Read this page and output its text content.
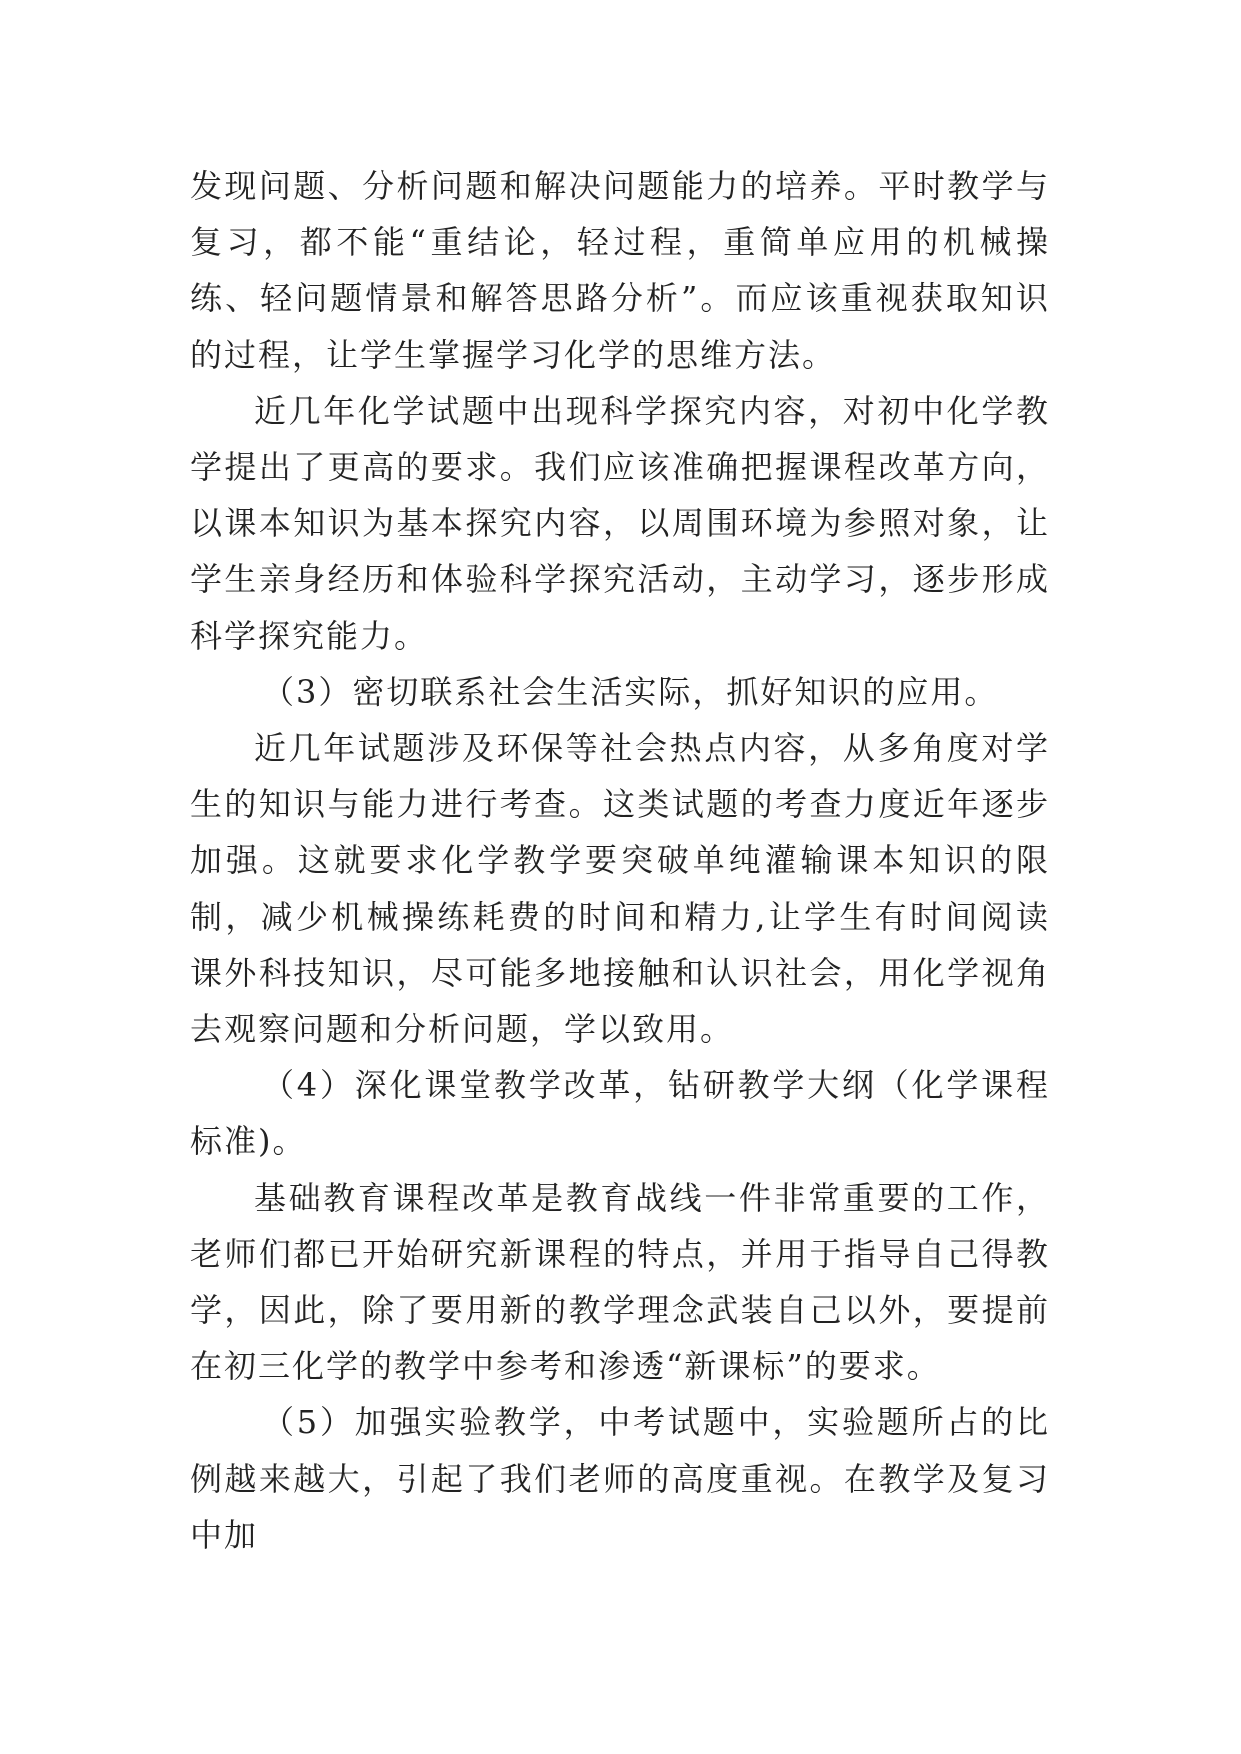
发现问题、分析问题和解决问题能力的培养。平时教学与复习，都不能“重结论，轻过程，重简单应用的机械操练、轻问题情景和解答思路分析”。而应该重视获取知识的过程，让学生掌握学习化学的思维方法。

近几年化学试题中出现科学探究内容，对初中化学教学提出了更高的要求。我们应该准确把握课程改革方向，以课本知识为基本探究内容，以周围环境为参照对象，让学生亲身经历和体验科学探究活动，主动学习，逐步形成科学探究能力。

（3）密切联系社会生活实际，抓好知识的应用。

近几年试题涉及环保等社会热点内容，从多角度对学生的知识与能力进行考查。这类试题的考查力度近年逐步加强。这就要求化学教学要突破单纯灌输课本知识的限制，减少机械操练耗费的时间和精力,让学生有时间阅读课外科技知识，尽可能多地接触和认识社会，用化学视角去观察问题和分析问题，学以致用。

（4）深化课堂教学改革，钻研教学大纲（化学课程标准)。

基础教育课程改革是教育战线一件非常重要的工作，老师们都已开始研究新课程的特点，并用于指导自己得教学，因此，除了要用新的教学理念武装自己以外，要提前在初三化学的教学中参考和渗透“新课标”的要求。

（5）加强实验教学，中考试题中，实验题所占的比例越来越大，引起了我们老师的高度重视。在教学及复习中加
